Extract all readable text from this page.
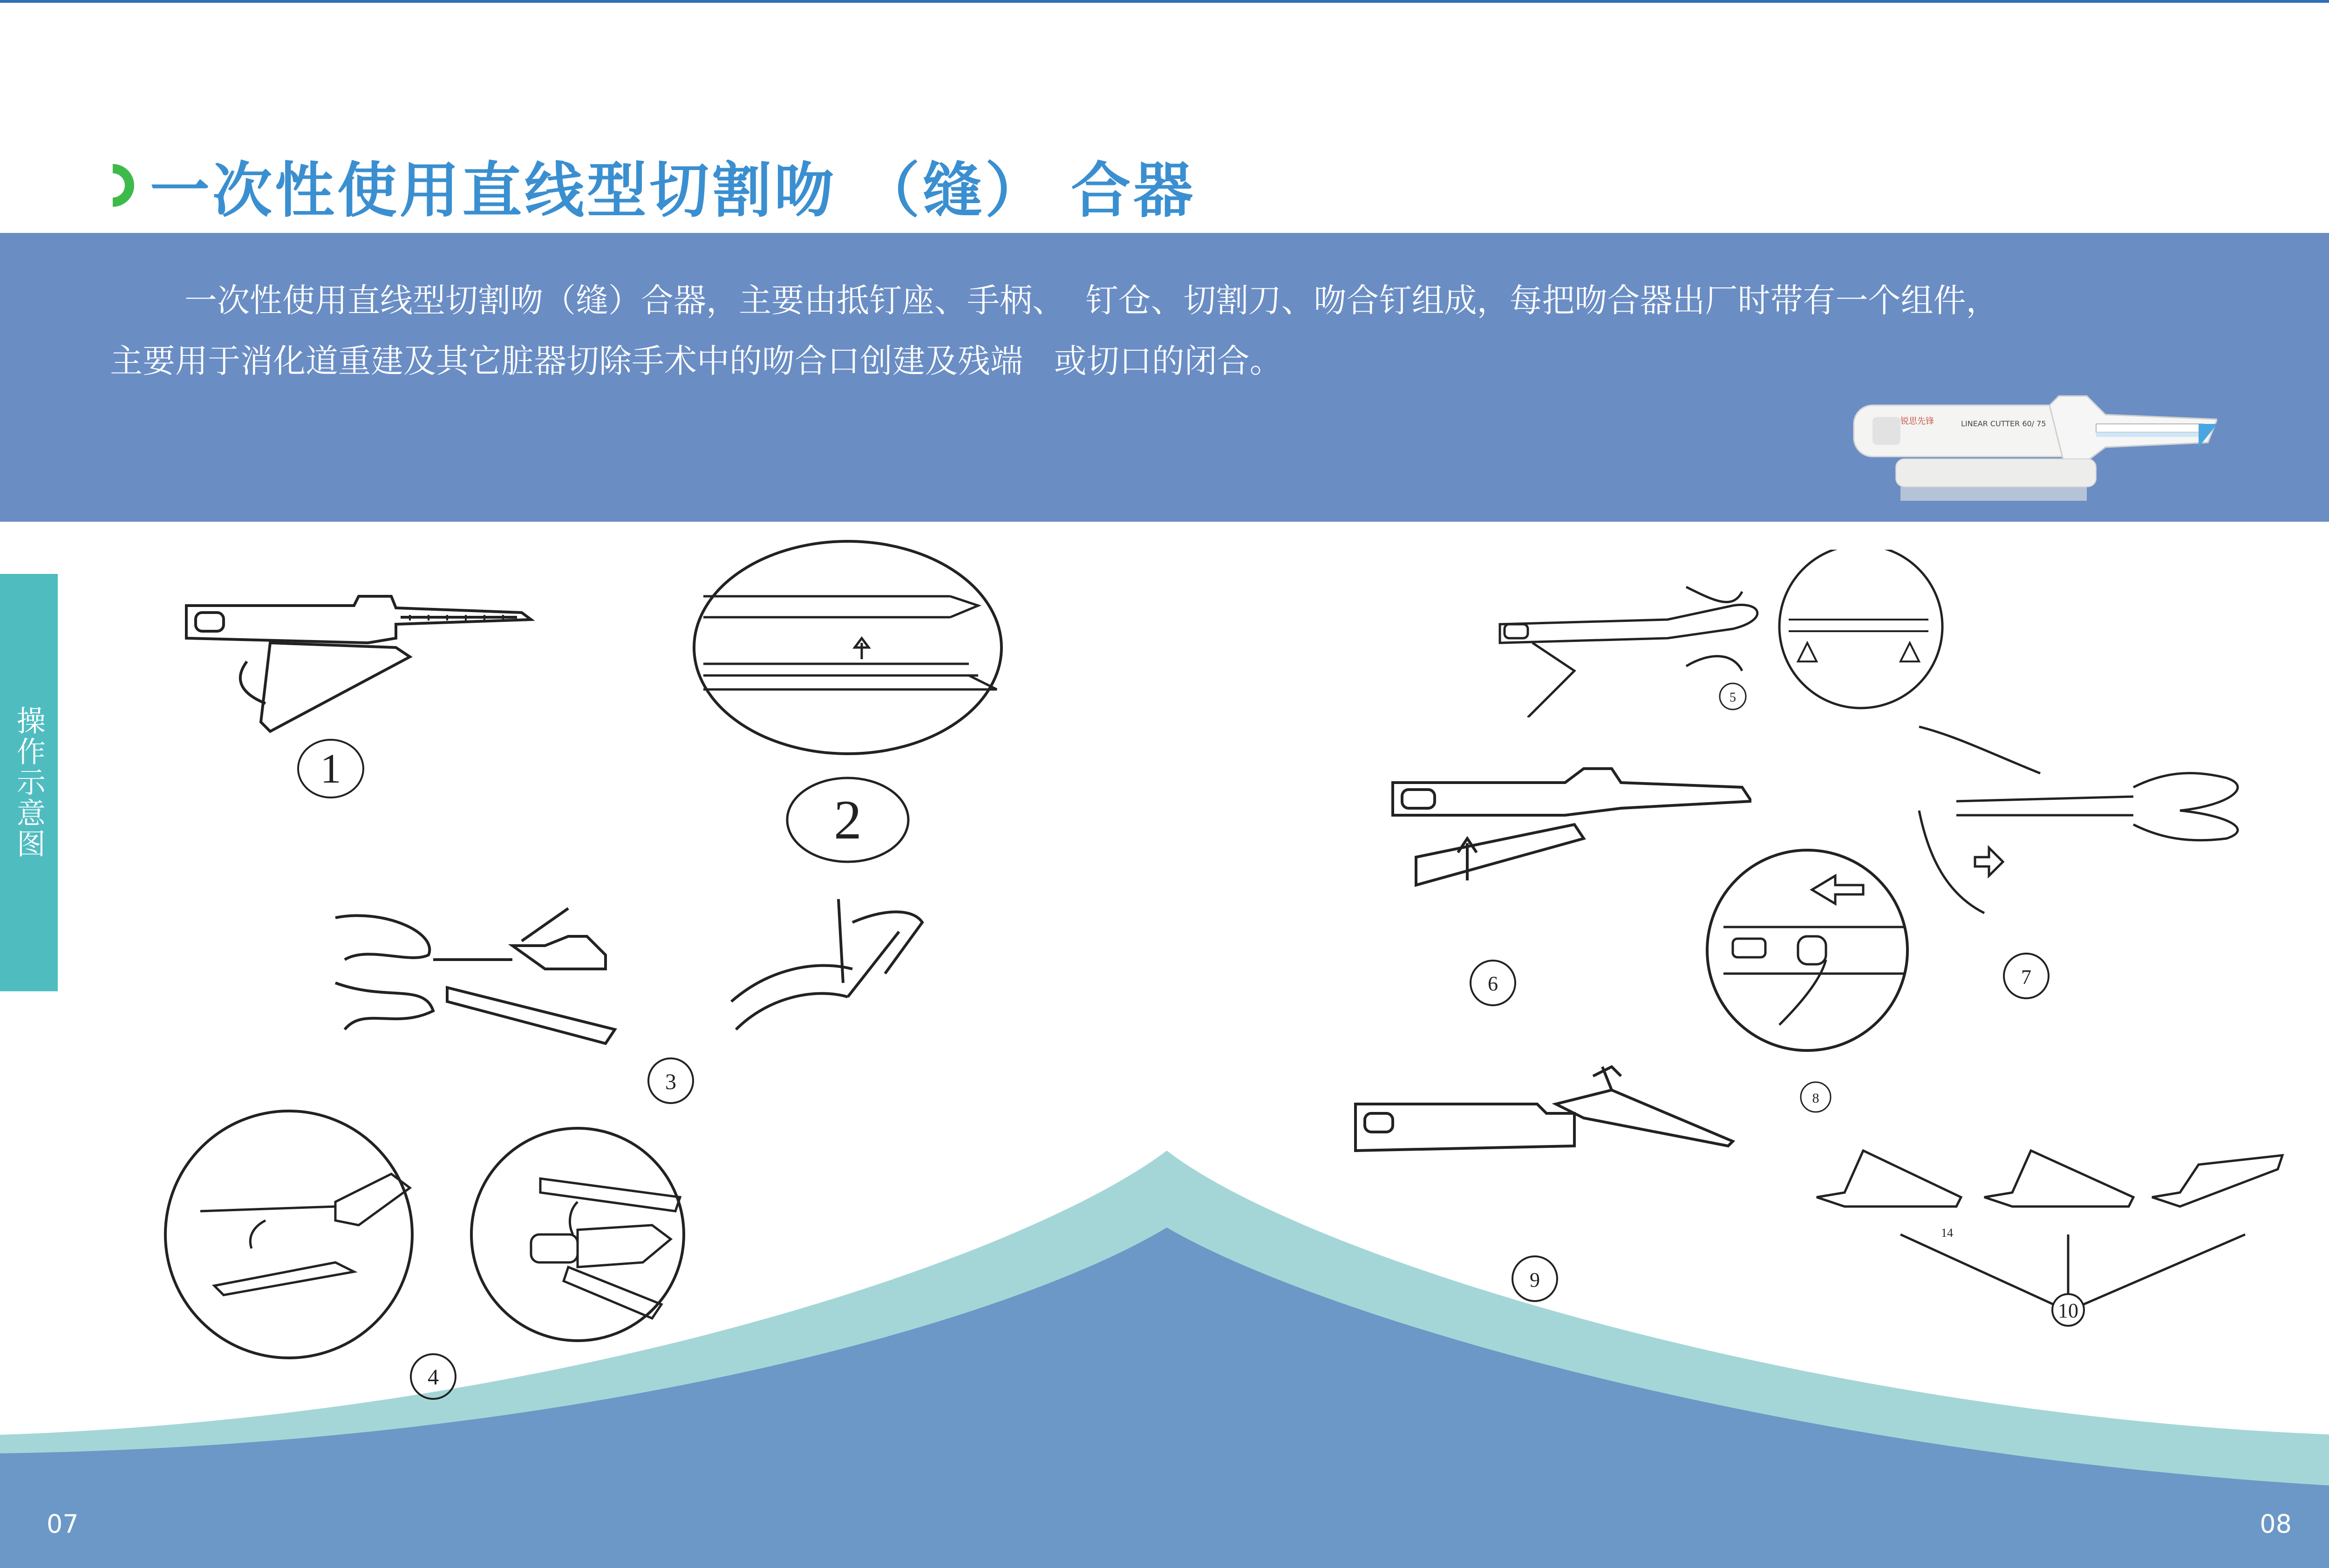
一次性使用直线型切割吻 （缝） 合器

一次性使用直线型切割吻（缝）合器，主要由抵钉座、手柄、  钉仓、切割刀、吻合钉组成，每把吻合器出厂时带有一个组件，

主要用于消化道重建及其它脏器切除手术中的吻合口创建及残端   或切口的闭合。

锐思先锋	LINEAR CUTTER 60/ 75
操作示意图
07	08
1
2
3
4
5
6	7
8
9
14
10
